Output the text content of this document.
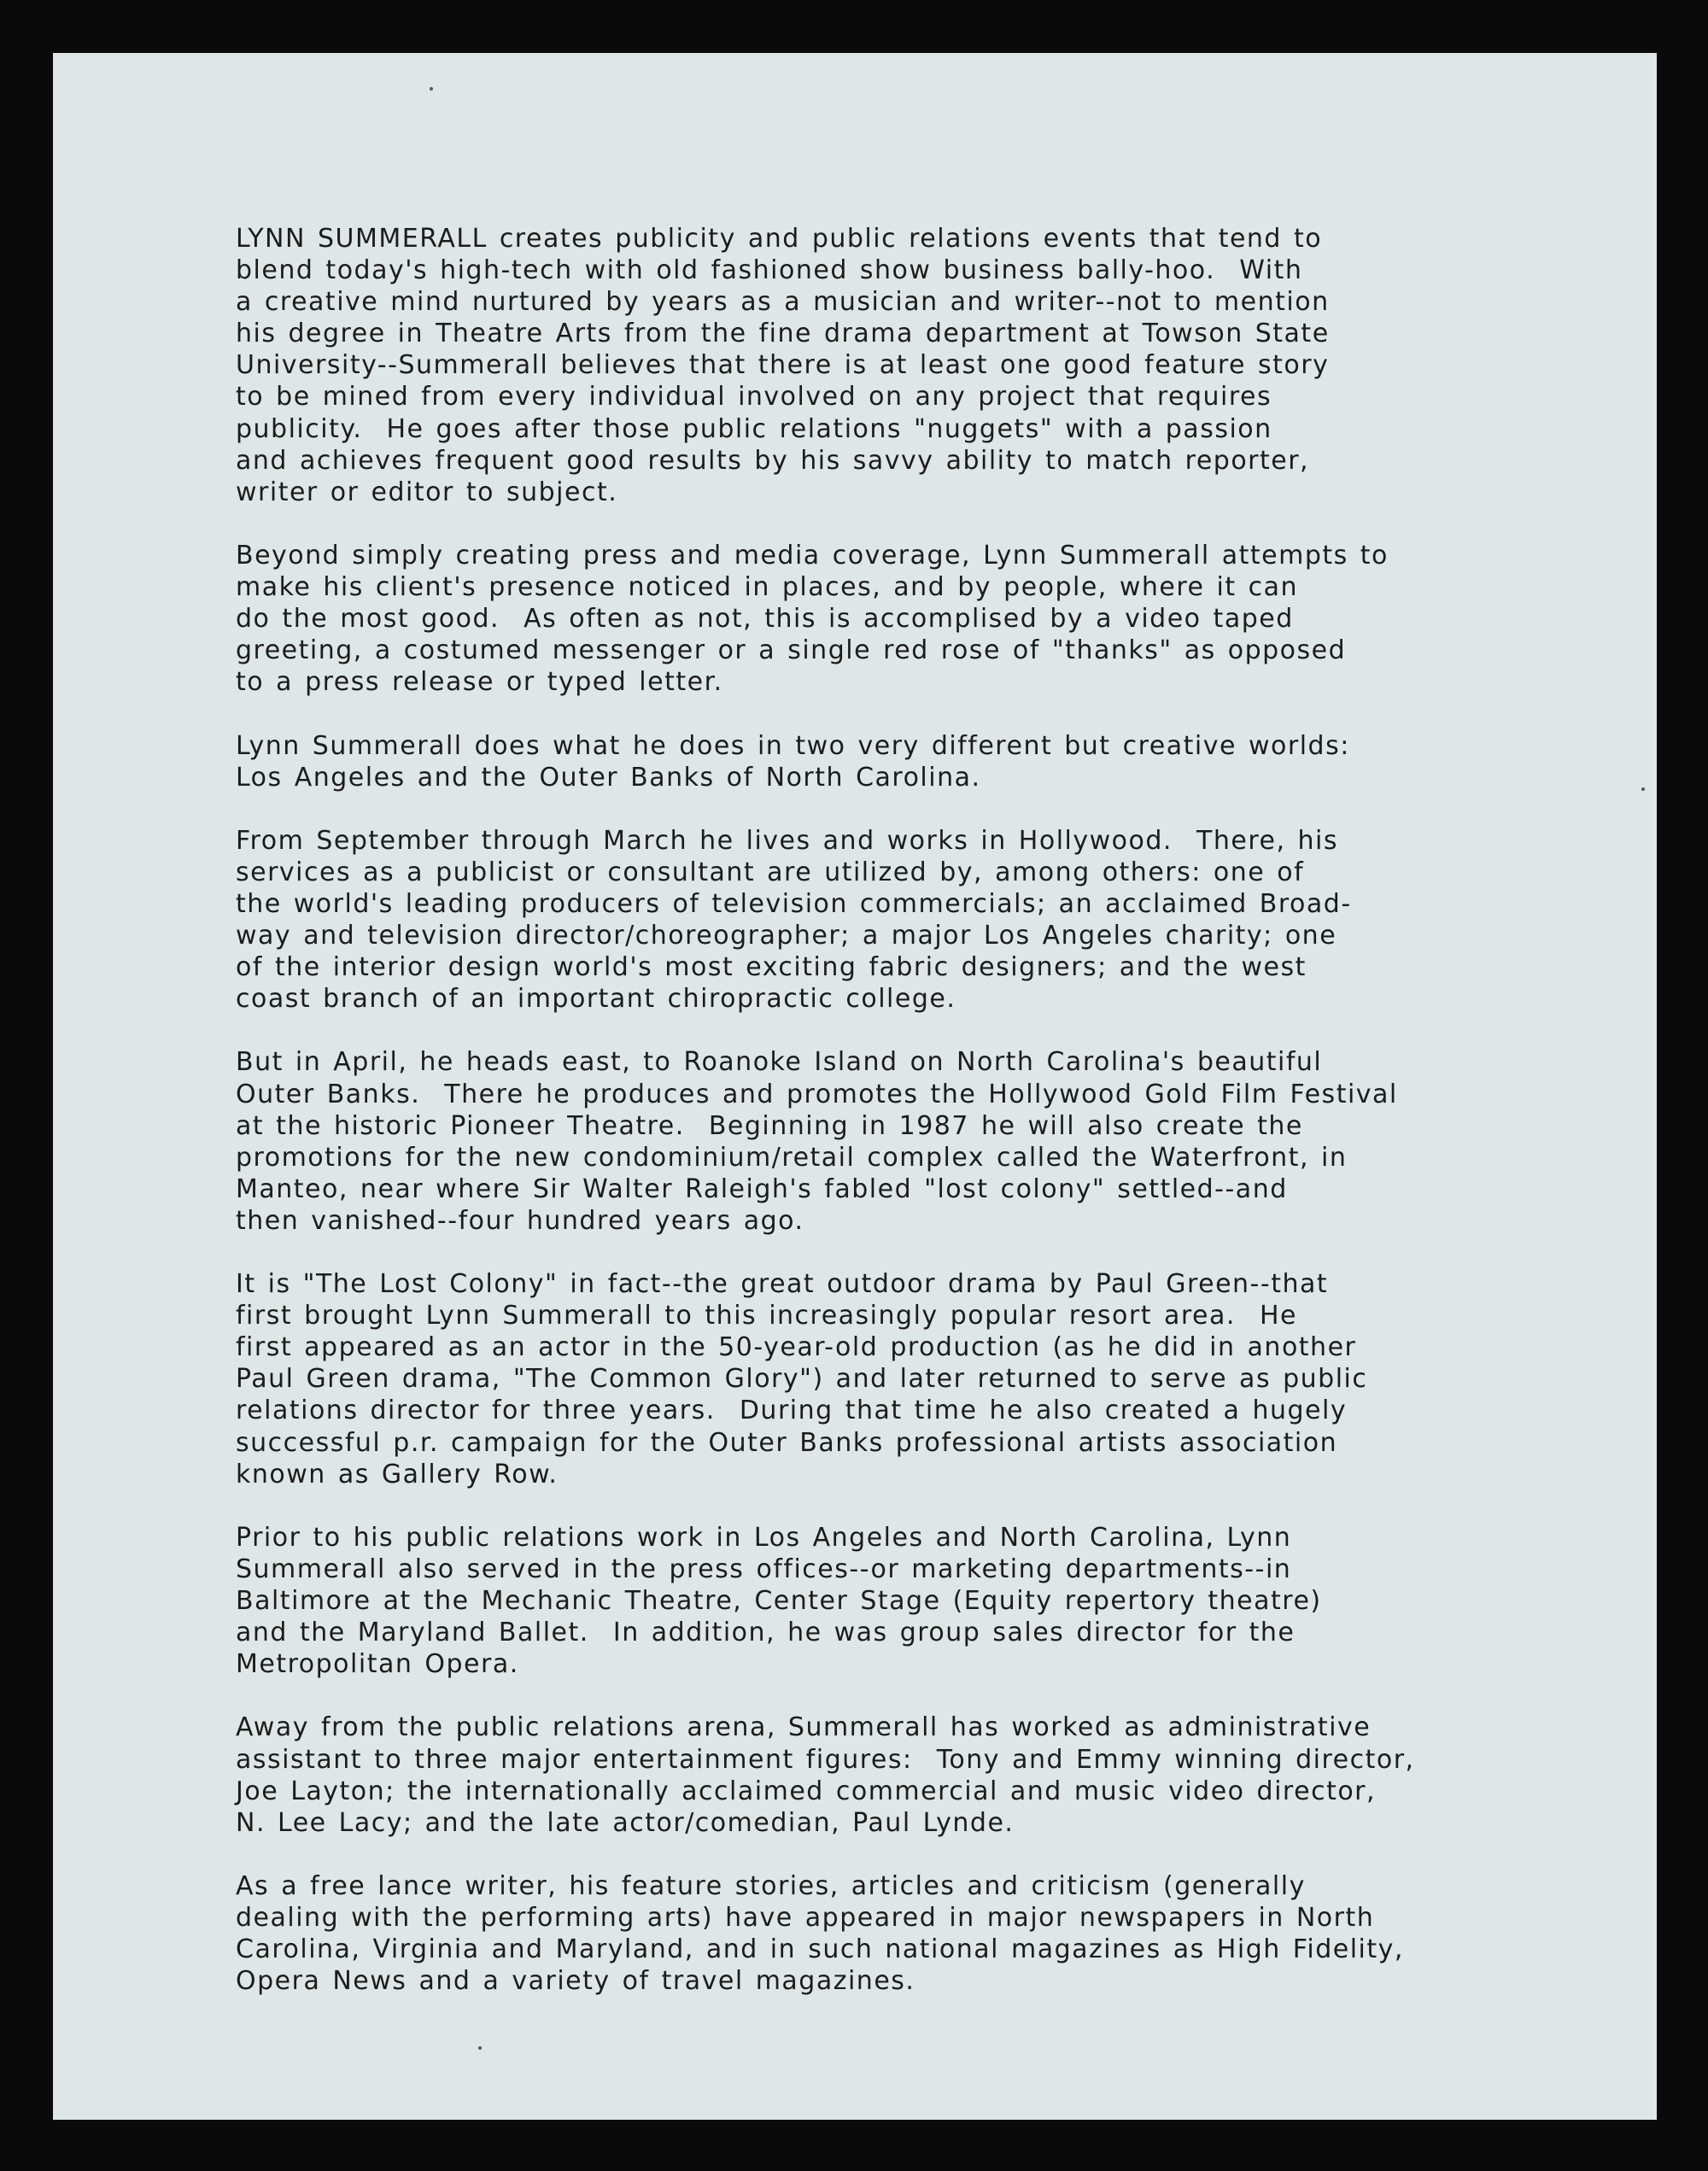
LYNN SUMMERALL creates publicity and public relations events that tend to
blend today's high-tech with old fashioned show business bally-hoo.  With
a creative mind nurtured by years as a musician and writer--not to mention
his degree in Theatre Arts from the fine drama department at Towson State
University--Summerall believes that there is at least one good feature story
to be mined from every individual involved on any project that requires
publicity.  He goes after those public relations "nuggets" with a passion
and achieves frequent good results by his savvy ability to match reporter,
writer or editor to subject.
Beyond simply creating press and media coverage, Lynn Summerall attempts to
make his client's presence noticed in places, and by people, where it can
do the most good.  As often as not, this is accomplised by a video taped
greeting, a costumed messenger or a single red rose of "thanks" as opposed
to a press release or typed letter.
Lynn Summerall does what he does in two very different but creative worlds:
Los Angeles and the Outer Banks of North Carolina.
From September through March he lives and works in Hollywood.  There, his
services as a publicist or consultant are utilized by, among others: one of
the world's leading producers of television commercials; an acclaimed Broad-
way and television director/choreographer; a major Los Angeles charity; one
of the interior design world's most exciting fabric designers; and the west
coast branch of an important chiropractic college.
But in April, he heads east, to Roanoke Island on North Carolina's beautiful
Outer Banks.  There he produces and promotes the Hollywood Gold Film Festival
at the historic Pioneer Theatre.  Beginning in 1987 he will also create the
promotions for the new condominium/retail complex called the Waterfront, in
Manteo, near where Sir Walter Raleigh's fabled "lost colony" settled--and
then vanished--four hundred years ago.
It is "The Lost Colony" in fact--the great outdoor drama by Paul Green--that
first brought Lynn Summerall to this increasingly popular resort area.  He
first appeared as an actor in the 50-year-old production (as he did in another
Paul Green drama, "The Common Glory") and later returned to serve as public
relations director for three years.  During that time he also created a hugely
successful p.r. campaign for the Outer Banks professional artists association
known as Gallery Row.
Prior to his public relations work in Los Angeles and North Carolina, Lynn
Summerall also served in the press offices--or marketing departments--in
Baltimore at the Mechanic Theatre, Center Stage (Equity repertory theatre)
and the Maryland Ballet.  In addition, he was group sales director for the
Metropolitan Opera.
Away from the public relations arena, Summerall has worked as administrative
assistant to three major entertainment figures:  Tony and Emmy winning director,
Joe Layton; the internationally acclaimed commercial and music video director,
N. Lee Lacy; and the late actor/comedian, Paul Lynde.
As a free lance writer, his feature stories, articles and criticism (generally
dealing with the performing arts) have appeared in major newspapers in North
Carolina, Virginia and Maryland, and in such national magazines as High Fidelity,
Opera News and a variety of travel magazines.
